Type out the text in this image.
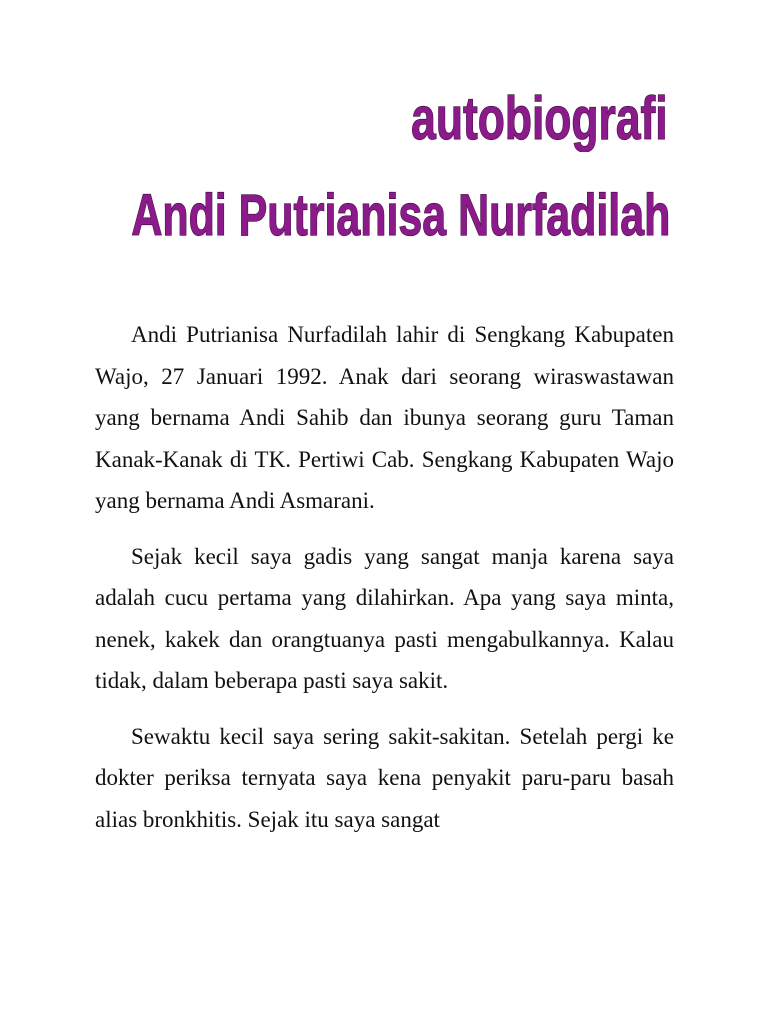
autobiografi
Andi Putrianisa Nurfadilah

Andi Putrianisa Nurfadilah lahir di Sengkang Kabupaten Wajo, 27 Januari 1992. Anak dari seorang wiraswastawan yang bernama Andi Sahib dan ibunya seorang guru Taman Kanak-Kanak di TK. Pertiwi Cab. Sengkang Kabupaten Wajo yang bernama Andi Asmarani.

Sejak kecil saya gadis yang sangat manja karena saya adalah cucu pertama yang dilahirkan. Apa yang saya minta, nenek, kakek dan orangtuanya pasti mengabulkannya. Kalau tidak, dalam beberapa pasti saya sakit.

Sewaktu kecil saya sering sakit-sakitan. Setelah pergi ke dokter periksa ternyata saya kena penyakit paru-paru basah alias bronkhitis. Sejak itu saya sangat
